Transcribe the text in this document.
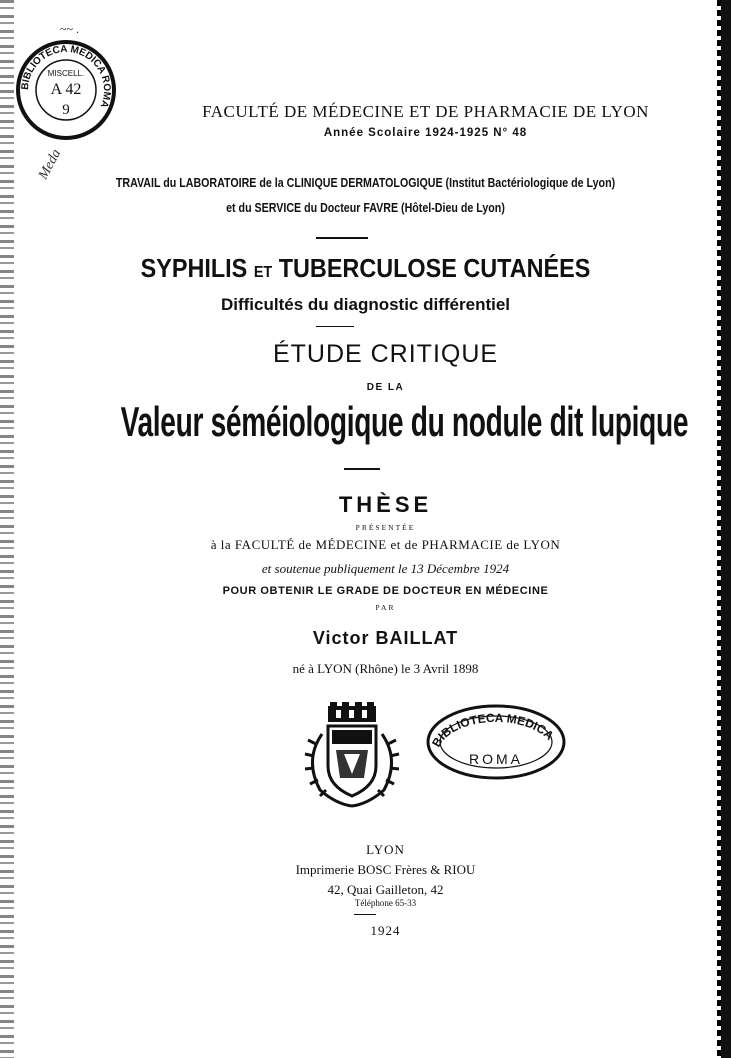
~~ .
Meda
BIBLIOTECA MEDICA ROMA
MISCELL.
A 42
9	FACULTÉ DE MÉDECINE ET DE PHARMACIE DE LYON
Année Scolaire 1924-1925 N° 48
TRAVAIL du LABORATOIRE de la CLINIQUE DERMATOLOGIQUE (Institut Bactériologique de Lyon)
et du SERVICE du Docteur FAVRE (Hôtel-Dieu de Lyon)
SYPHILIS ET TUBERCULOSE CUTANÉES
Difficultés du diagnostic différentiel
ÉTUDE CRITIQUE
DE LA
Valeur séméiologique du nodule dit lupique
THÈSE
PRÉSENTÉE
à la FACULTÉ de MÉDECINE et de PHARMACIE de LYON
et soutenue publiquement le 13 Décembre 1924
POUR OBTENIR LE GRADE DE DOCTEUR EN MÉDECINE
PAR
Victor BAILLAT
né à LYON (Rhône) le 3 Avril 1898
BIBLIOTECA MEDICA
ROMA
LYON
Imprimerie BOSC Frères & RIOU
42, Quai Gailleton, 42
Téléphone 65-33
1924
